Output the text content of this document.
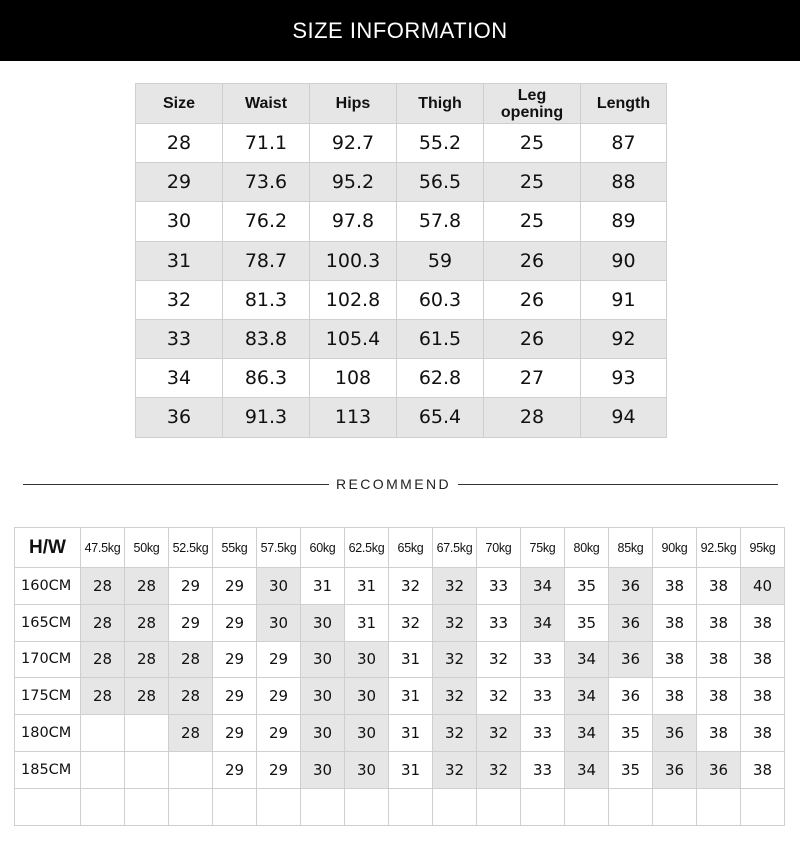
SIZE INFORMATION
Size	Waist	Hips	Thigh	Leg opening	Length
28	71.1	92.7	55.2	25	87
29	73.6	95.2	56.5	25	88
30	76.2	97.8	57.8	25	89
31	78.7	100.3	59	26	90
32	81.3	102.8	60.3	26	91
33	83.8	105.4	61.5	26	92
34	86.3	108	62.8	27	93
36	91.3	113	65.4	28	94
RECOMMEND
H/W	47.5kg	50kg	52.5kg	55kg	57.5kg	60kg	62.5kg	65kg	67.5kg	70kg	75kg	80kg	85kg	90kg	92.5kg	95kg
160CM	28	28	29	29	30	31	31	32	32	33	34	35	36	38	38	40
165CM	28	28	29	29	30	30	31	32	32	33	34	35	36	38	38	38
170CM	28	28	28	29	29	30	30	31	32	32	33	34	36	38	38	38
175CM	28	28	28	29	29	30	30	31	32	32	33	34	36	38	38	38
180CM			28	29	29	30	30	31	32	32	33	34	35	36	38	38
185CM				29	29	30	30	31	32	32	33	34	35	36	36	38
